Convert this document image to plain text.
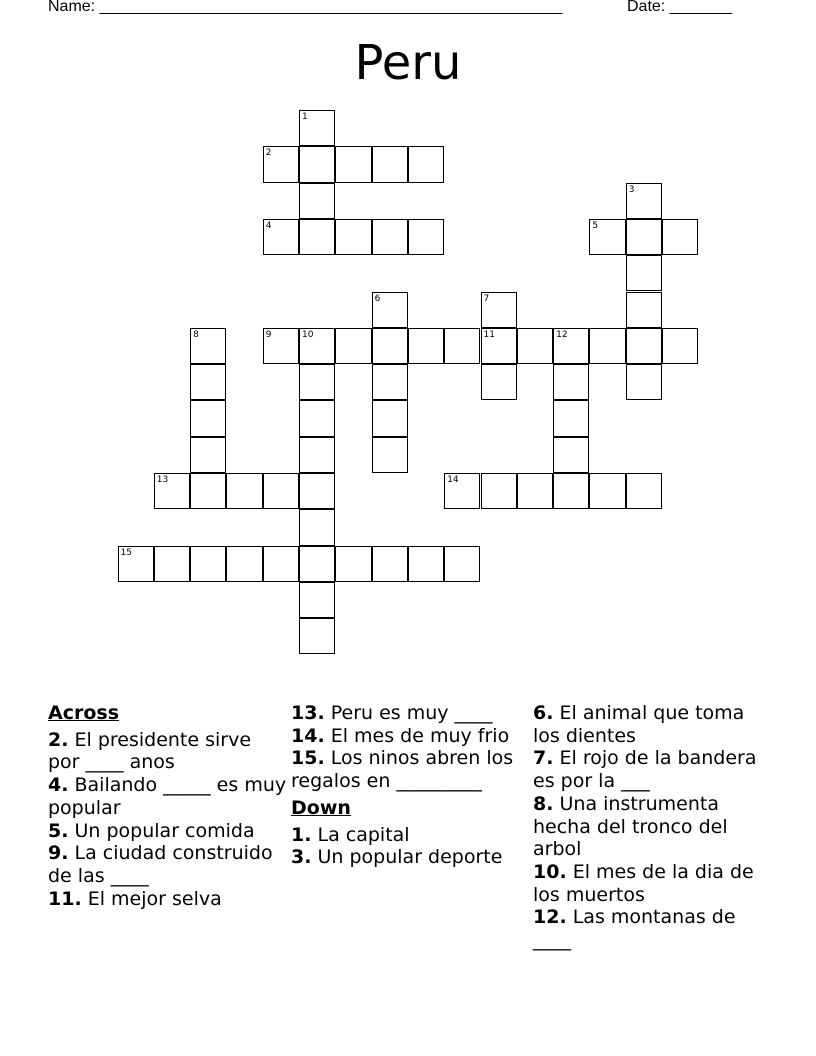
Name: ____________________________________________________	Date: _______
Peru
2
4	5
9	10	11	12
13	14
15
1
3
6	7
8
Across
2. El presidente sirve por ____ anos
4. Bailando _____ es muy popular
5. Un popular comida
9. La ciudad construido de las ____
11. El mejor selva
13. Peru es muy ____
14. El mes de muy frio
15. Los ninos abren los regalos en _________
Down
1. La capital
3. Un popular deporte
6. El animal que toma los dientes
7. El rojo de la bandera es por la ___
8. Una instrumenta hecha del tronco del arbol
10. El mes de la dia de los muertos
12. Las montanas de ____
